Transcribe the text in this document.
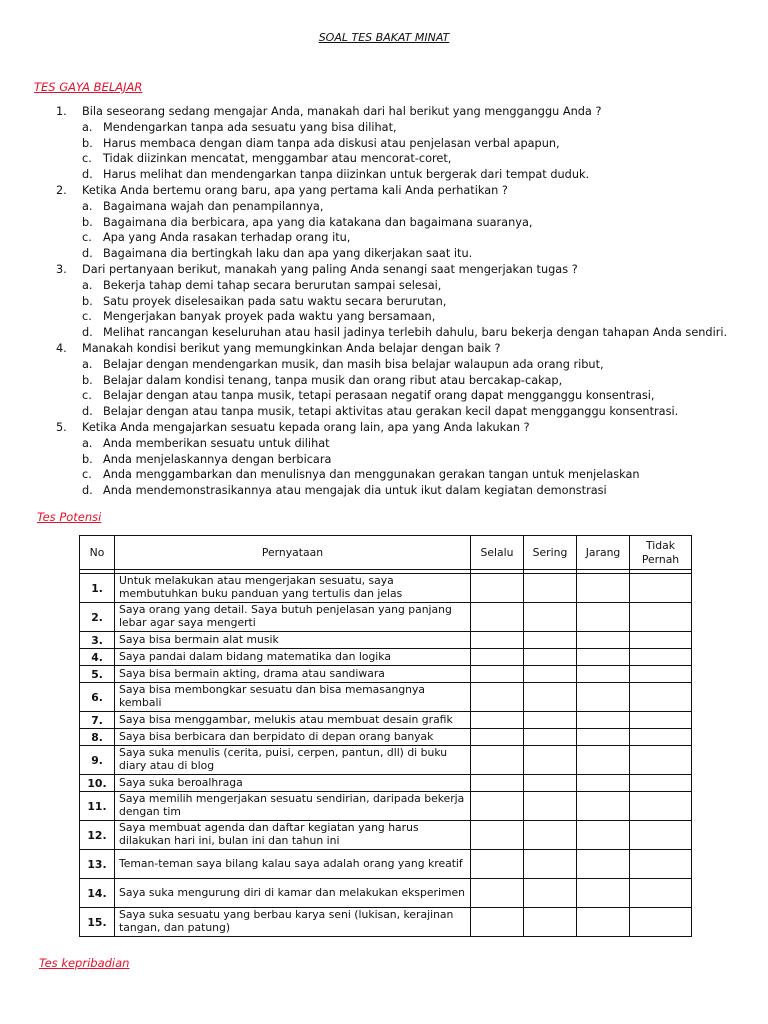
SOAL TES BAKAT MINAT
TES GAYA BELAJAR
1.	Bila seseorang sedang mengajar Anda, manakah dari hal berikut yang mengganggu Anda ?
a. Mendengarkan tanpa ada sesuatu yang bisa dilihat,
b. Harus membaca dengan diam tanpa ada diskusi atau penjelasan verbal apapun,
c. Tidak diizinkan mencatat, menggambar atau mencorat-coret,
d. Harus melihat dan mendengarkan tanpa diizinkan untuk bergerak dari tempat duduk.
2.	Ketika Anda bertemu orang baru, apa yang pertama kali Anda perhatikan ?
a. Bagaimana wajah dan penampilannya,
b. Bagaimana dia berbicara, apa yang dia katakana dan bagaimana suaranya,
c. Apa yang Anda rasakan terhadap orang itu,
d. Bagaimana dia bertingkah laku dan apa yang dikerjakan saat itu.
3.	Dari pertanyaan berikut, manakah yang paling Anda senangi saat mengerjakan tugas ?
a. Bekerja tahap demi tahap secara berurutan sampai selesai,
b. Satu proyek diselesaikan pada satu waktu secara berurutan,
c. Mengerjakan banyak proyek pada waktu yang bersamaan,
d. Melihat rancangan keseluruhan atau hasil jadinya terlebih dahulu, baru bekerja dengan tahapan Anda sendiri.
4.	Manakah kondisi berikut yang memungkinkan Anda belajar dengan baik ?
a. Belajar dengan mendengarkan musik, dan masih bisa belajar walaupun ada orang ribut,
b. Belajar dalam kondisi tenang, tanpa musik dan orang ribut atau bercakap-cakap,
c. Belajar dengan atau tanpa musik, tetapi perasaan negatif orang dapat mengganggu konsentrasi,
d. Belajar dengan atau tanpa musik, tetapi aktivitas atau gerakan kecil dapat mengganggu konsentrasi.
5.	Ketika Anda mengajarkan sesuatu kepada orang lain, apa yang Anda lakukan ?
a. Anda memberikan sesuatu untuk dilihat
b. Anda menjelaskannya dengan berbicara
c. Anda menggambarkan dan menulisnya dan menggunakan gerakan tangan untuk menjelaskan
d. Anda mendemonstrasikannya atau mengajak dia untuk ikut dalam kegiatan demonstrasi
Tes Potensi
No	Pernyataan	Selalu	Sering	Jarang	Tidak Pernah

1.	Untuk melakukan atau mengerjakan sesuatu, saya membutuhkan buku panduan yang tertulis dan jelas				
2.	Saya orang yang detail. Saya butuh penjelasan yang panjang lebar agar saya mengerti				
3.	Saya bisa bermain alat musik				
4.	Saya pandai dalam bidang matematika dan logika				
5.	Saya bisa bermain akting, drama atau sandiwara				
6.	Saya bisa membongkar sesuatu dan bisa memasangnya kembali				
7.	Saya bisa menggambar, melukis atau membuat desain grafik				
8.	Saya bisa berbicara dan berpidato di depan orang banyak				
9.	Saya suka menulis (cerita, puisi, cerpen, pantun, dll) di buku diary atau di blog				
10.	Saya suka beroalhraga				
11.	Saya memilih mengerjakan sesuatu sendirian, daripada bekerja dengan tim				
12.	Saya membuat agenda dan daftar kegiatan yang harus dilakukan hari ini, bulan ini dan tahun ini				
13.	Teman-teman saya bilang kalau saya adalah orang yang kreatif				
14.	Saya suka mengurung diri di kamar dan melakukan eksperimen				
15.	Saya suka sesuatu yang berbau karya seni (lukisan, kerajinan tangan, dan patung)				
Tes kepribadian
